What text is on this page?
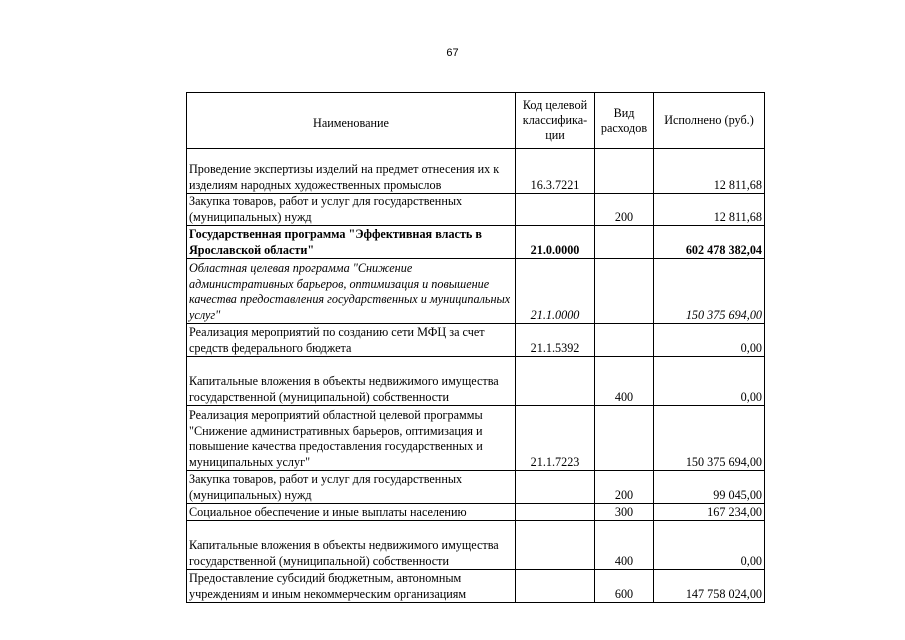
67
Наименование	Код целевой классифика-ции	Вид расходов	Исполнено (руб.)

Проведение экспертизы изделий на предмет отнесения их к изделиям народных художественных промыслов	16.3.7221		12 811,68
Закупка товаров, работ и услуг для государственных (муниципальных) нужд		200	12 811,68
Государственная программа "Эффективная власть в Ярославской области"	21.0.0000		602 478 382,04
Областная целевая программа "Снижение административных барьеров, оптимизация и повышение качества предоставления государственных и муниципальных услуг"	21.1.0000		150 375 694,00
Реализация мероприятий по созданию сети МФЦ за счет средств федерального бюджета	21.1.5392		0,00
Капитальные вложения в объекты недвижимого имущества государственной (муниципальной) собственности		400	0,00
Реализация мероприятий областной целевой программы "Снижение административных барьеров, оптимизация и повышение качества предоставления государственных и муниципальных услуг"	21.1.7223		150 375 694,00
Закупка товаров, работ и услуг для государственных (муниципальных) нужд		200	99 045,00
Социальное обеспечение и иные выплаты населению		300	167 234,00
Капитальные вложения в объекты недвижимого имущества государственной (муниципальной) собственности		400	0,00
Предоставление субсидий бюджетным, автономным учреждениям и иным некоммерческим организациям		600	147 758 024,00
